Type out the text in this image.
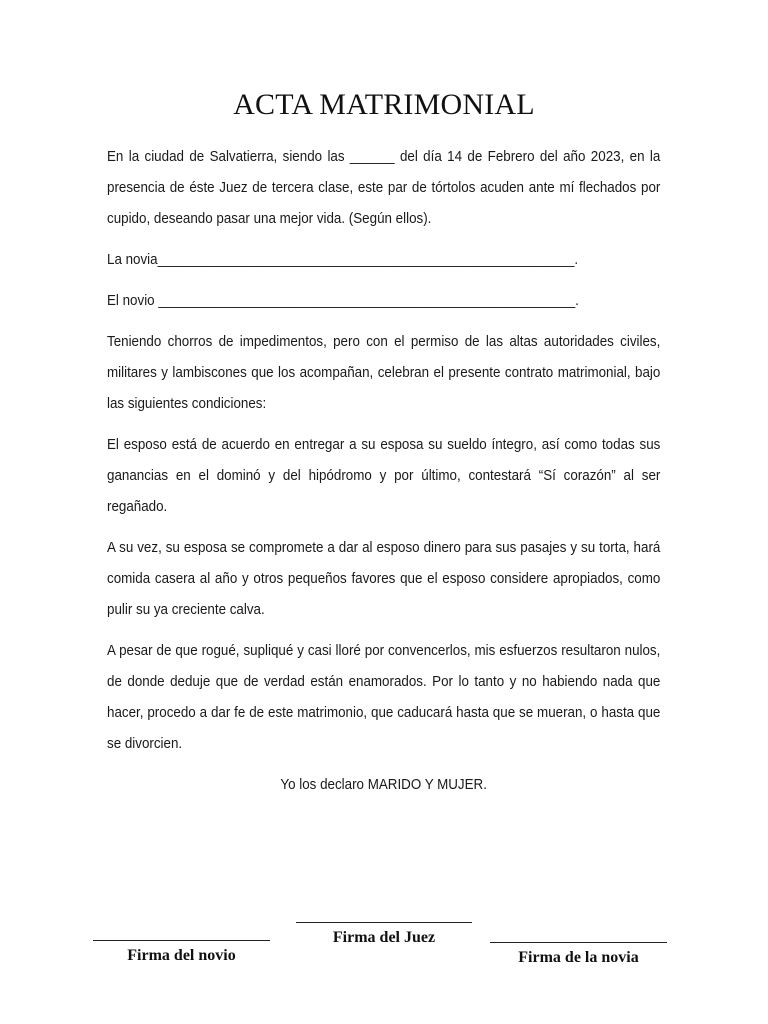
ACTA MATRIMONIAL

En la ciudad de Salvatierra, siendo las ______ del día 14 de Febrero del año 2023, en la presencia de éste Juez de tercera clase, este par de tórtolos acuden ante mí flechados por cupido, deseando pasar una mejor vida. (Según ellos).

La novia________________________________________________________.

El novio ________________________________________________________.

Teniendo chorros de impedimentos, pero con el permiso de las altas autoridades civiles, militares y lambiscones que los acompañan, celebran el presente contrato matrimonial, bajo las siguientes condiciones:

El esposo está de acuerdo en entregar a su esposa su sueldo íntegro, así como todas sus ganancias en el dominó y del hipódromo y por último, contestará “Sí corazón” al ser regañado.

A su vez, su esposa se compromete a dar al esposo dinero para sus pasajes y su torta, hará comida casera al año y otros pequeños favores que el esposo considere apropiados, como pulir su ya creciente calva.

A pesar de que rogué, supliqué y casi lloré por convencerlos, mis esfuerzos resultaron nulos, de donde deduje que de verdad están enamorados. Por lo tanto y no habiendo nada que hacer, procedo a dar fe de este matrimonio, que caducará hasta que se mueran, o hasta que se divorcien.

Yo los declaro MARIDO Y MUJER.

Firma del Juez
Firma del novio	Firma de la novia
